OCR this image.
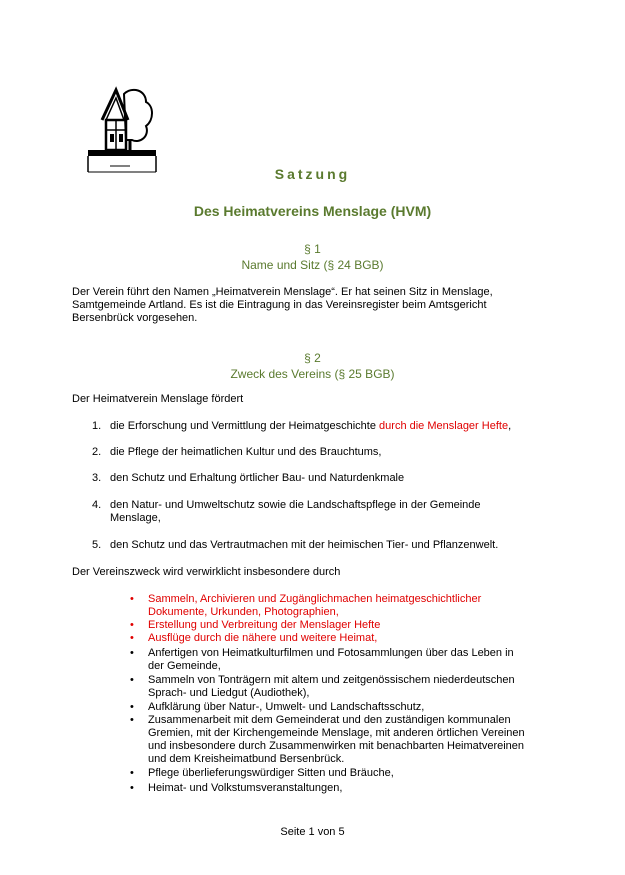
Satzung
Des Heimatvereins Menslage (HVM)
§ 1
Name und Sitz (§ 24 BGB)
Der Verein führt den Namen „Heimatverein Menslage“. Er hat seinen Sitz in Menslage,
Samtgemeinde Artland. Es ist die Eintragung in das Vereinsregister beim Amtsgericht
Bersenbrück vorgesehen.
§ 2
Zweck des Vereins (§ 25 BGB)
Der Heimatverein Menslage fördert
1. die Erforschung und Vermittlung der Heimatgeschichte durch die Menslager Hefte,
2. die Pflege der heimatlichen Kultur und des Brauchtums,
3. den Schutz und Erhaltung örtlicher Bau- und Naturdenkmale
4. den Natur- und Umweltschutz sowie die Landschaftspflege in der Gemeinde
Menslage,
5. den Schutz und das Vertrautmachen mit der heimischen Tier- und Pflanzenwelt.
Der Vereinszweck wird verwirklicht insbesondere durch
• Sammeln, Archivieren und Zugänglichmachen heimatgeschichtlicher
Dokumente, Urkunden, Photographien,
• Erstellung und Verbreitung der Menslager Hefte
• Ausflüge durch die nähere und weitere Heimat,
• Anfertigen von Heimatkulturfilmen und Fotosammlungen über das Leben in
der Gemeinde,
• Sammeln von Tonträgern mit altem und zeitgenössischem niederdeutschen
Sprach- und Liedgut (Audiothek),
• Aufklärung über Natur-, Umwelt- und Landschaftsschutz,
• Zusammenarbeit mit dem Gemeinderat und den zuständigen kommunalen
Gremien, mit der Kirchengemeinde Menslage, mit anderen örtlichen Vereinen
und insbesondere durch Zusammenwirken mit benachbarten Heimatvereinen
und dem Kreisheimatbund Bersenbrück.
• Pflege überlieferungswürdiger Sitten und Bräuche,
• Heimat- und Volkstumsveranstaltungen,
Seite 1 von 5
